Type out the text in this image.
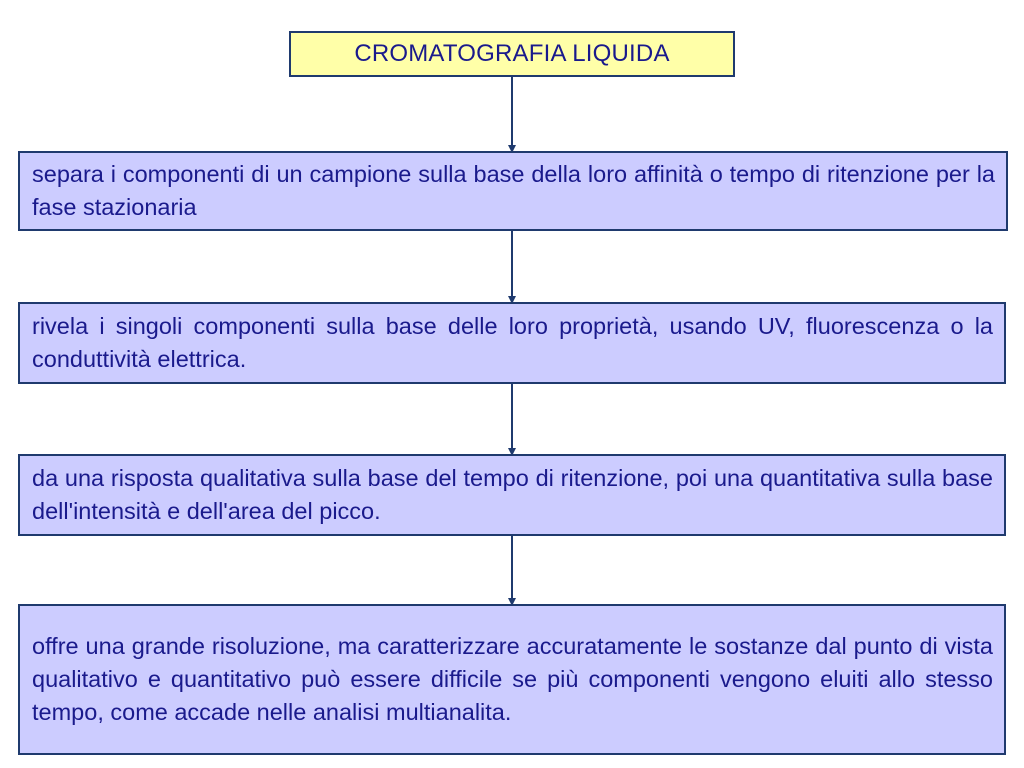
CROMATOGRAFIA LIQUIDA
separa i componenti di un campione sulla base della loro affinità o tempo di ritenzione per la fase stazionaria
rivela i singoli componenti sulla base delle loro proprietà, usando UV, fluorescenza o la conduttività elettrica.
da una risposta qualitativa sulla base del tempo di ritenzione, poi una quantitativa sulla base dell'intensità e dell'area del picco.
offre una grande risoluzione, ma caratterizzare accuratamente le sostanze dal punto di vista qualitativo e quantitativo può essere difficile se più componenti vengono eluiti allo stesso tempo, come accade nelle analisi multianalita.
